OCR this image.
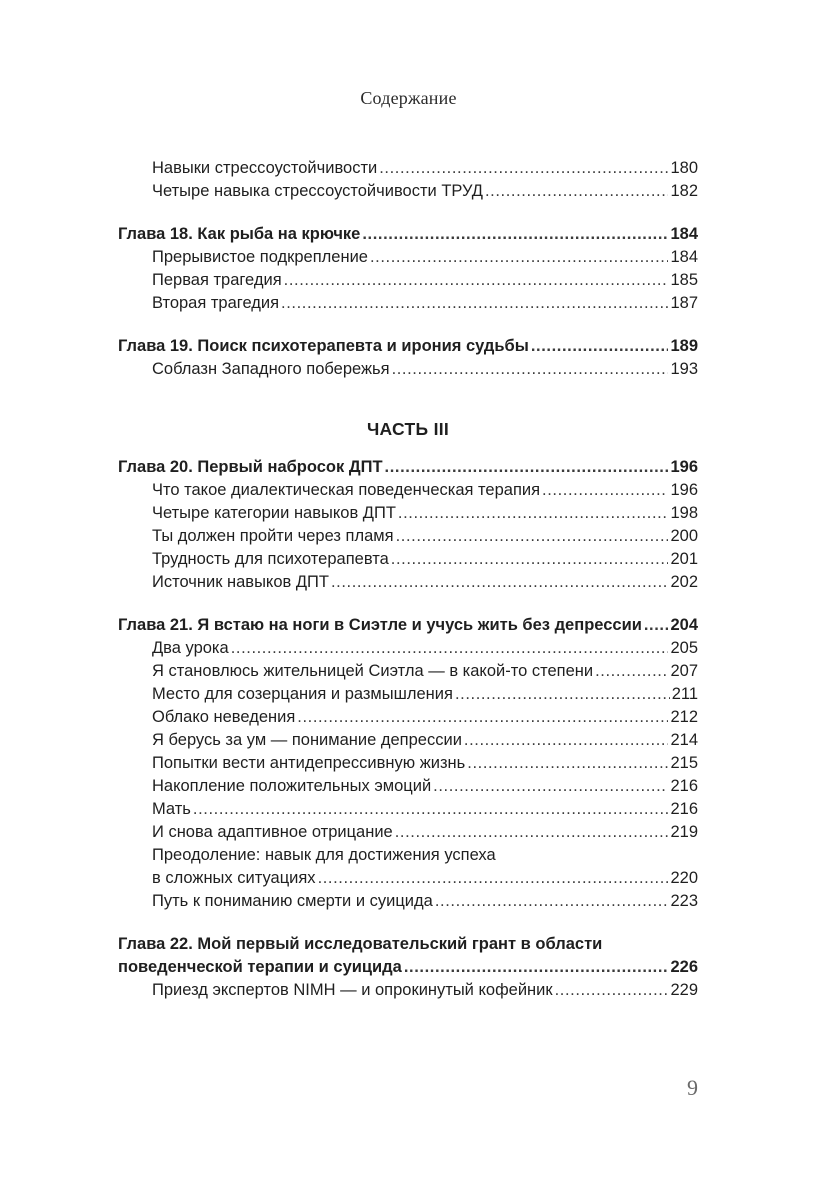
Содержание
Навыки стрессоустойчивости .....	180
Четыре навыка стрессоустойчивости ТРУД .....	182
Глава 18. Как рыба на крючке .....	184
Прерывистое подкрепление .....	184
Первая трагедия .....	185
Вторая трагедия .....	187
Глава 19. Поиск психотерапевта и ирония судьбы .....	189
Соблазн Западного побережья .....	193
ЧАСТЬ III
Глава 20. Первый набросок ДПТ .....	196
Что такое диалектическая поведенческая терапия .....	196
Четыре категории навыков ДПТ .....	198
Ты должен пройти через пламя .....	200
Трудность для психотерапевта .....	201
Источник навыков ДПТ .....	202
Глава 21. Я встаю на ноги в Сиэтле и учусь жить без депрессии ..... 204
Два урока .....	205
Я становлюсь жительницей Сиэтла — в какой-то степени .....	207
Место для созерцания и размышления .....	211
Облако неведения .....	212
Я берусь за ум — понимание депрессии .....	214
Попытки вести антидепрессивную жизнь .....	215
Накопление положительных эмоций .....	216
Мать .....	216
И снова адаптивное отрицание .....	219
Преодоление: навык для достижения успеха
в сложных ситуациях .....	220
Путь к пониманию смерти и суицида .....	223
Глава 22. Мой первый исследовательский грант в области
поведенческой терапии и суицида .....	226
Приезд экспертов NIMH — и опрокинутый кофейник .....	229
9
